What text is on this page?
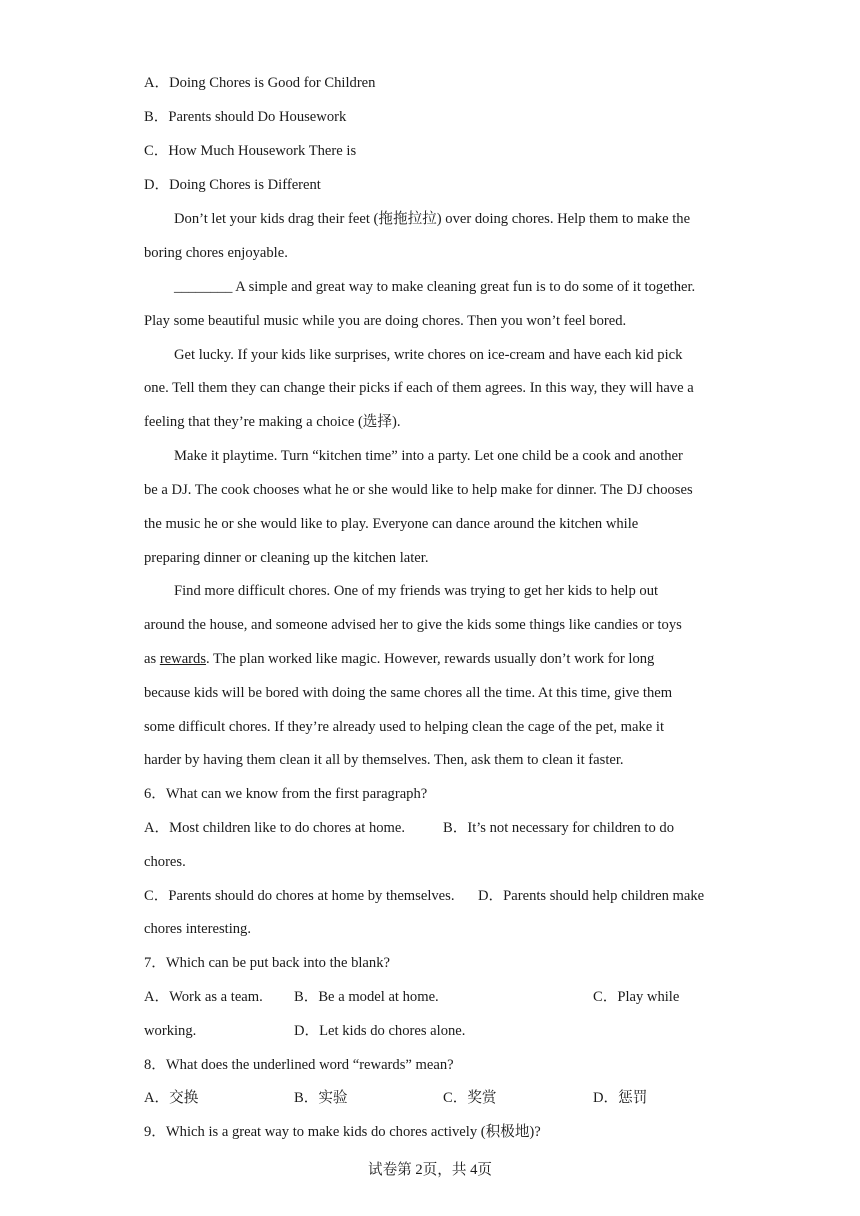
A．Doing Chores is Good for Children
B．Parents should Do Housework
C．How Much Housework There is
D．Doing Chores is Different
Don’t let your kids drag their feet (拖拖拉拉) over doing chores. Help them to make the
boring chores enjoyable.
________ A simple and great way to make cleaning great fun is to do some of it together.
Play some beautiful music while you are doing chores. Then you won’t feel bored.
Get lucky. If your kids like surprises, write chores on ice-cream and have each kid pick
one. Tell them they can change their picks if each of them agrees. In this way, they will have a
feeling that they’re making a choice (选择).
Make it playtime. Turn “kitchen time” into a party. Let one child be a cook and another
be a DJ. The cook chooses what he or she would like to help make for dinner. The DJ chooses
the music he or she would like to play. Everyone can dance around the kitchen while
preparing dinner or cleaning up the kitchen later.
Find more difficult chores. One of my friends was trying to get her kids to help out
around the house, and someone advised her to give the kids some things like candies or toys
as rewards. The plan worked like magic. However, rewards usually don’t work for long
because kids will be bored with doing the same chores all the time. At this time, give them
some difficult chores. If they’re already used to helping clean the cage of the pet, make it
harder by having them clean it all by themselves. Then, ask them to clean it faster.
6．What can we know from the first paragraph?
A．Most children like to do chores at home.	B．It’s not necessary for children to do
chores.
C．Parents should do chores at home by themselves. D．Parents should help children make
chores interesting.
7．Which can be put back into the blank?
A．Work as a team. B．Be a model at home.	C．Play while
working.	D．Let kids do chores alone.
8．What does the underlined word “rewards” mean?
A．交换	B．实验	C．奖赏	D．惩罚
9．Which is a great way to make kids do chores actively (积极地)?
试卷第 2页，共 4页
